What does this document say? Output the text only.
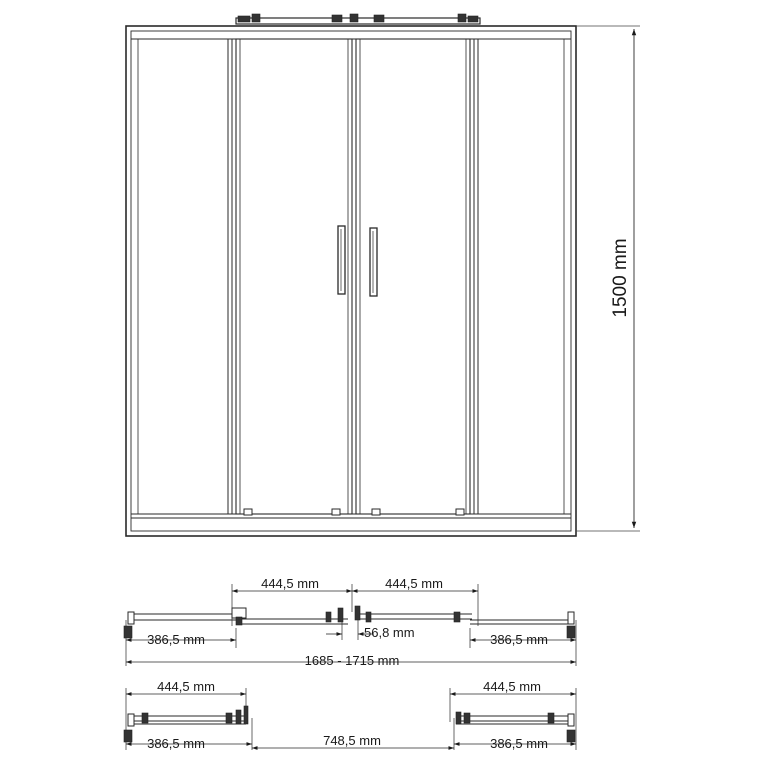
1500 mm
444,5 mm	444,5 mm
386,5 mm	386,5 mm
56,8 mm
1685 - 1715 mm
444,5 mm	444,5 mm
386,5 mm	748,5 mm	386,5 mm
